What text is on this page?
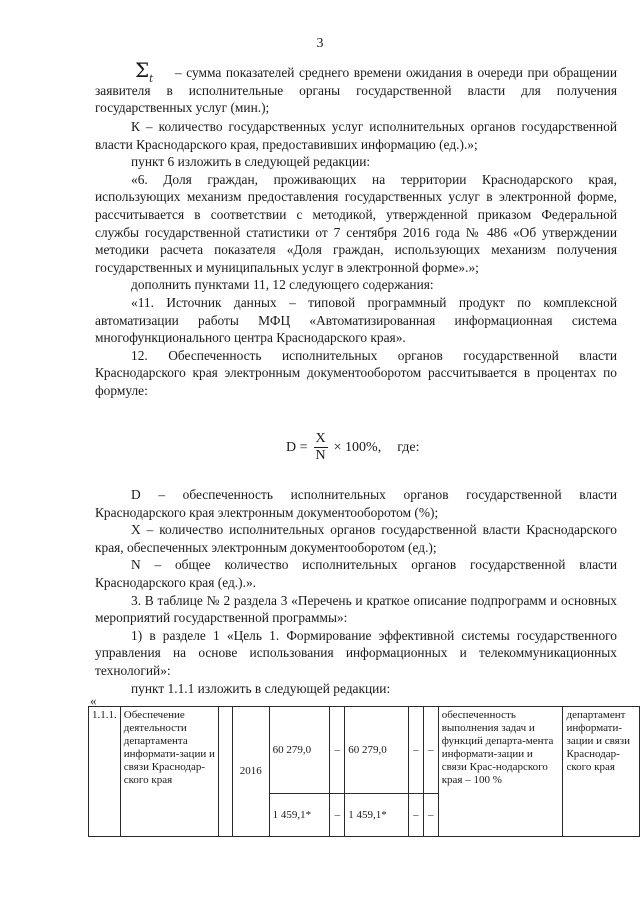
3
$\Sigma_t$	– сумма показателей среднего времени ожидания в очереди при обращении заявителя в исполнительные органы государственной власти для получения государственных услуг (мин.);

К – количество государственных услуг исполнительных органов государственной власти Краснодарского края, предоставивших информацию (ед.).»;

пункт 6 изложить в следующей редакции:

«6. Доля граждан, проживающих на территории Краснодарского края, использующих механизм предоставления государственных услуг в электронной форме, рассчитывается в соответствии с методикой, утвержденной приказом Федеральной службы государственной статистики от 7 сентября 2016 года № 486 «Об утверждении методики расчета показателя «Доля граждан, использующих механизм получения государственных и муниципальных услуг в электронной форме».»;

дополнить пунктами 11, 12 следующего содержания:

«11. Источник данных – типовой программный продукт по комплексной автоматизации работы МФЦ «Автоматизированная информационная система многофункционального центра Краснодарского края».

12. Обеспеченность исполнительных органов государственной власти Краснодарского края электронным документооборотом рассчитывается в процентах по формуле:

$D = \frac{X}{N} \times 100\%$, где:

D – обеспеченность исполнительных органов государственной власти Краснодарского края электронным документооборотом (%);

Х – количество исполнительных органов государственной власти Краснодарского края, обеспеченных электронным документооборотом (ед.);

N – общее количество исполнительных органов государственной власти Краснодарского края (ед.).».

3. В таблице № 2 раздела 3 «Перечень и краткое описание подпрограмм и основных мероприятий государственной программы»:

1) в разделе 1 «Цель 1. Формирование эффективной системы государственного управления на основе использования информационных и телекоммуникационных технологий»:

пункт 1.1.1 изложить в следующей редакции:

«
1.1.1.	Обеспечение деятельности департамента информати-зации и связи Краснодар-ского края		2016	60 279,0	–	60 279,0	–	–	обеспеченность выполнения задач и функций департа-мента информати-зации и связи Крас-нодарского края – 100 %	департамент информати-зации и связи Краснодар-ского края
				1 459,1*	–	1 459,1*	–	–		
